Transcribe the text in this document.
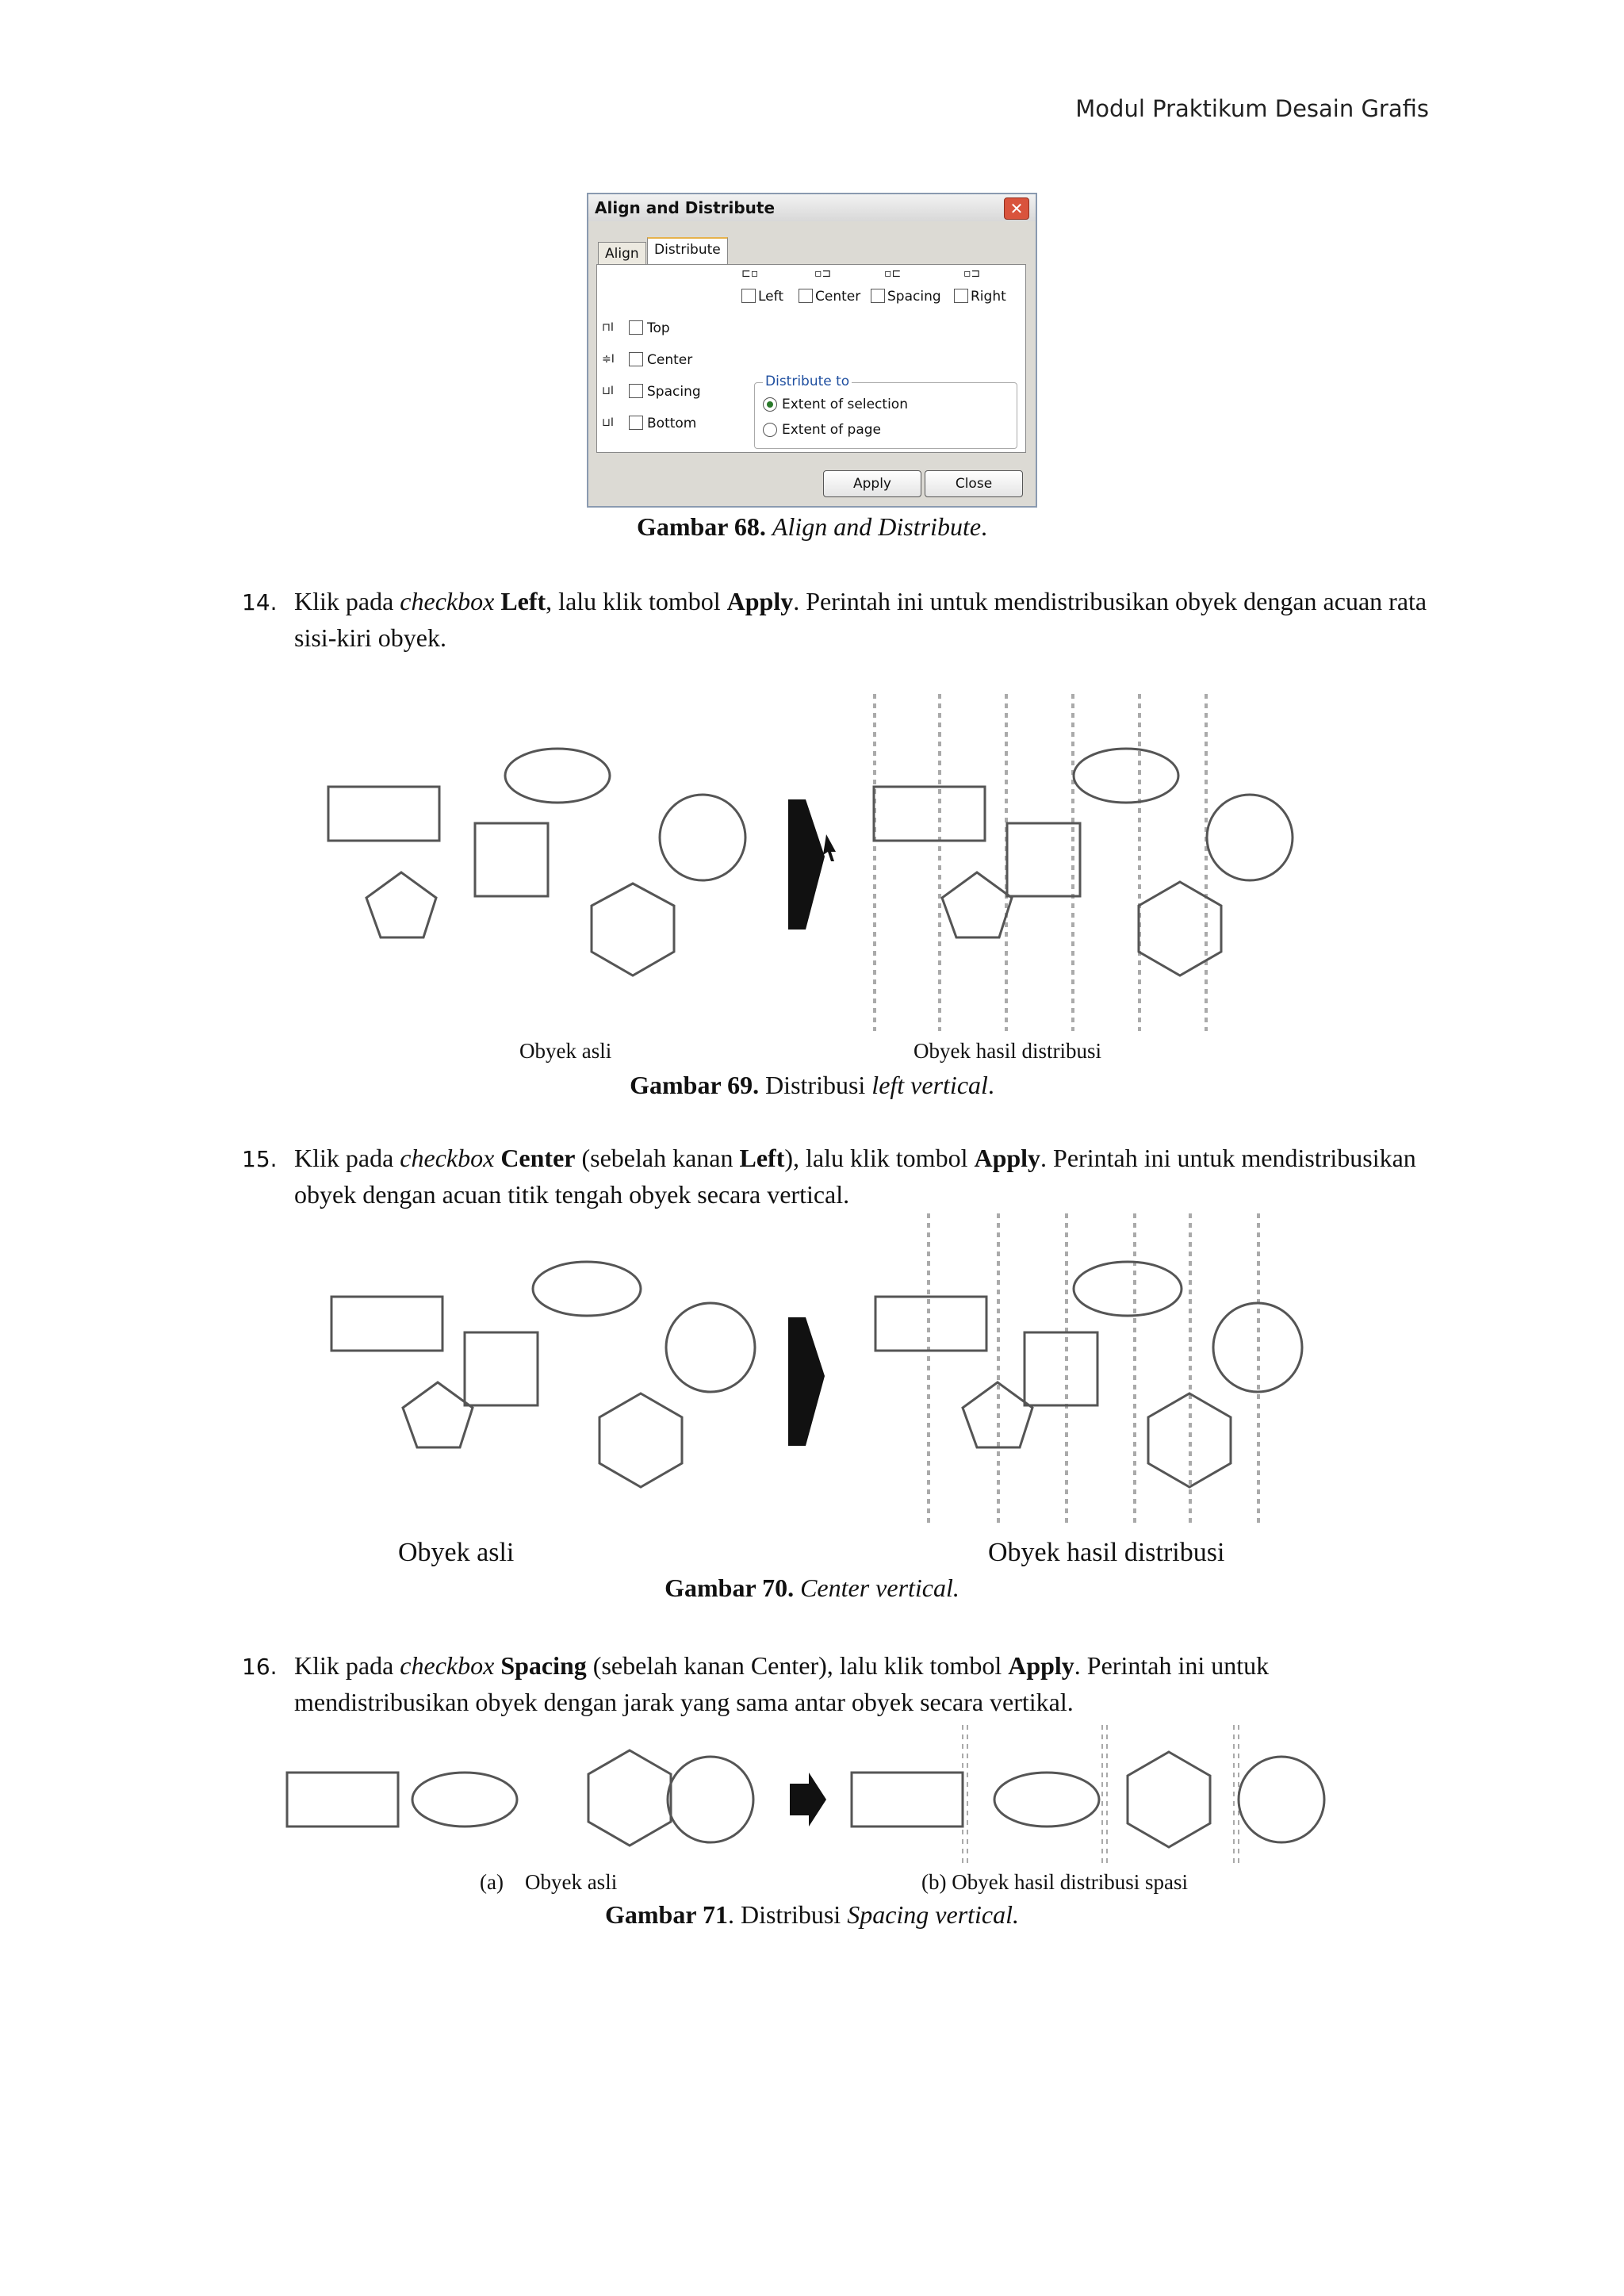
Modul Praktikum Desain Grafis
Align and Distribute	✕
Align	Distribute
⊏▫	▫⊐	▫⊏	▫⊐
Left Center Spacing Right
⊓I Top
≑I Center
⊔I Spacing
⊔I Bottom
Distribute to
Extent of selection
Extent of page
Apply	Close
Gambar 68. Align and Distribute.
14. Klik pada checkbox Left, lalu klik tombol Apply. Perintah ini untuk mendistribusikan obyek dengan acuan rata sisi-kiri obyek.
Obyek asli	Obyek hasil distribusi
Gambar 69. Distribusi left vertical.
15. Klik pada checkbox Center (sebelah kanan Left), lalu klik tombol Apply. Perintah ini untuk mendistribusikan obyek dengan acuan titik tengah obyek secara vertical.
Obyek asli	Obyek hasil distribusi
Gambar 70. Center vertical.
16. Klik pada checkbox Spacing (sebelah kanan Center), lalu klik tombol Apply. Perintah ini untuk mendistribusikan obyek dengan jarak yang sama antar obyek secara vertikal.
(a)    Obyek asli	(b) Obyek hasil distribusi spasi
Gambar 71. Distribusi Spacing vertical.
